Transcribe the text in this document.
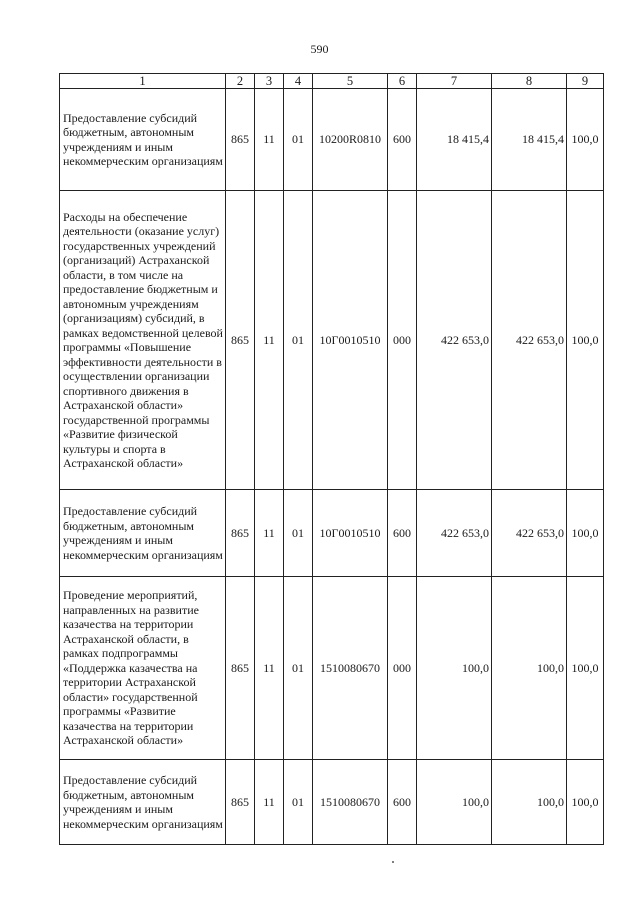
590
1	2	3	4	5	6	7	8	9
Предоставление субсидий бюджетным, автономным учреждениям и иным некоммерческим организациям	865	11	01	10200R0810	600	18 415,4	18 415,4	100,0
Расходы на обеспечение деятельности (оказание услуг) государственных учреждений (организаций) Астраханской области, в том числе на предоставление бюджетным и автономным учреждениям (организациям) субсидий, в рамках ведомственной целевой программы «Повышение эффективности деятельности в осуществлении организации спортивного движения в Астраханской области» государственной программы «Развитие физической культуры и спорта в Астраханской области»	865	11	01	10Г0010510	000	422 653,0	422 653,0	100,0
Предоставление субсидий бюджетным, автономным учреждениям и иным некоммерческим организациям	865	11	01	10Г0010510	600	422 653,0	422 653,0	100,0
Проведение мероприятий, направленных на развитие казачества на территории Астраханской области, в рамках подпрограммы «Поддержка казачества на территории Астраханской области» государственной программы «Развитие казачества на территории Астраханской области»	865	11	01	1510080670	000	100,0	100,0	100,0
Предоставление субсидий бюджетным, автономным учреждениям и иным некоммерческим организациям	865	11	01	1510080670	600	100,0	100,0	100,0
